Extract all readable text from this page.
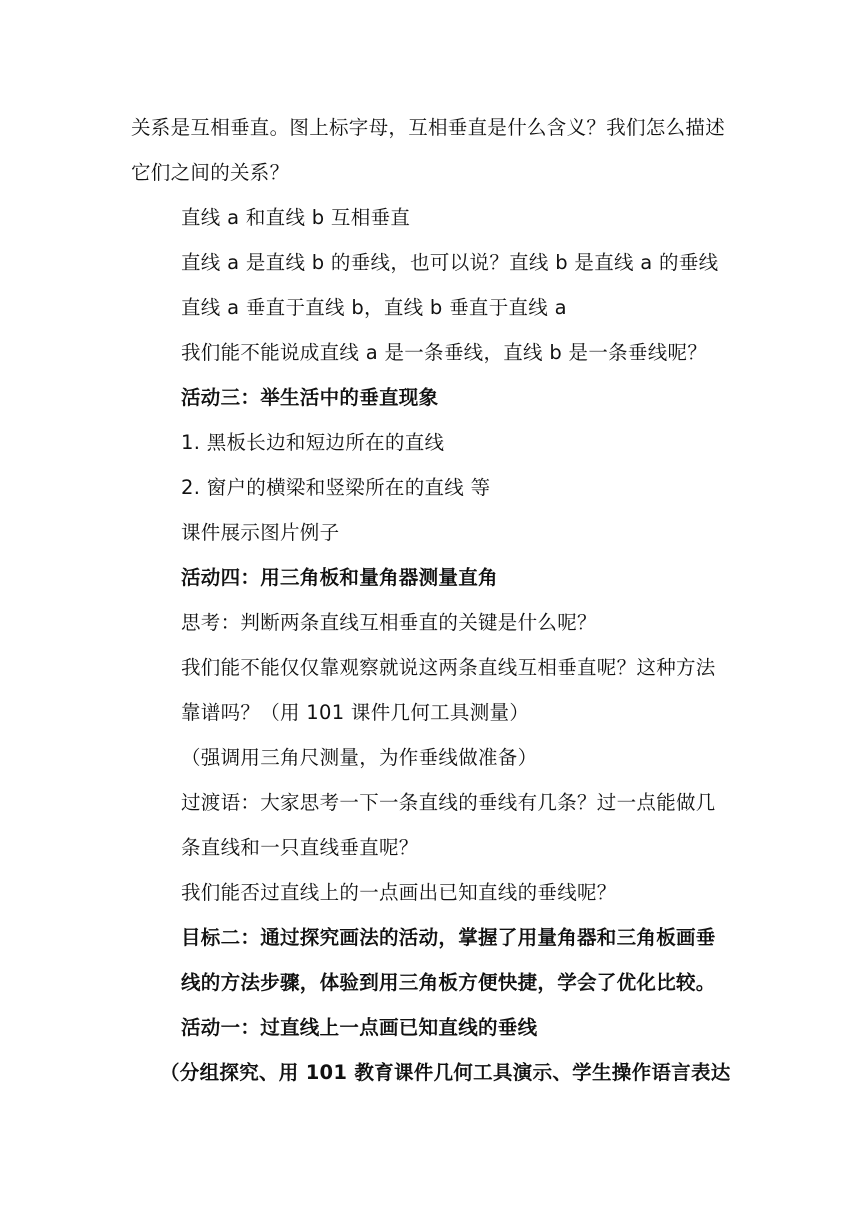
关系是互相垂直。图上标字母，互相垂直是什么含义？我们怎么描述
它们之间的关系？
直线 a 和直线 b 互相垂直
直线 a 是直线 b 的垂线，也可以说？直线 b 是直线 a 的垂线
直线 a 垂直于直线 b，直线 b 垂直于直线 a
我们能不能说成直线 a 是一条垂线，直线 b 是一条垂线呢？
活动三：举生活中的垂直现象
1. 黑板长边和短边所在的直线
2. 窗户的横梁和竖梁所在的直线 等
课件展示图片例子
活动四：用三角板和量角器测量直角
思考：判断两条直线互相垂直的关键是什么呢？
我们能不能仅仅靠观察就说这两条直线互相垂直呢？这种方法
靠谱吗？（用 101 课件几何工具测量）
（强调用三角尺测量，为作垂线做准备）
过渡语：大家思考一下一条直线的垂线有几条？过一点能做几
条直线和一只直线垂直呢？
我们能否过直线上的一点画出已知直线的垂线呢？
目标二：通过探究画法的活动，掌握了用量角器和三角板画垂
线的方法步骤，体验到用三角板方便快捷，学会了优化比较。
活动一：过直线上一点画已知直线的垂线
（分组探究、用 101 教育课件几何工具演示、学生操作语言表达
